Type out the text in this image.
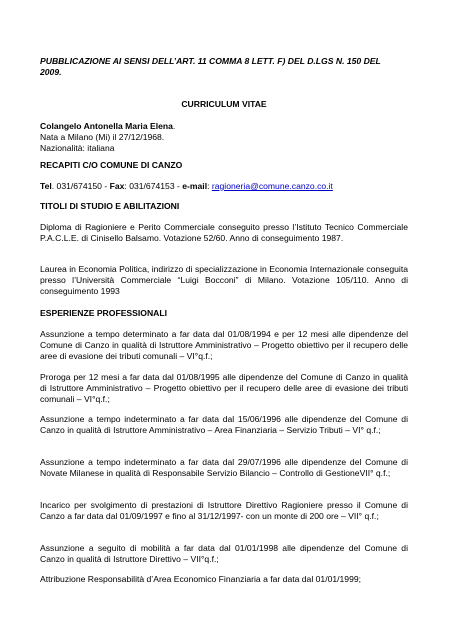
PUBBLICAZIONE AI SENSI DELL’ART. 11 COMMA 8 LETT. F) DEL D.LGS N. 150 DEL
2009.

CURRICULUM VITAE

Colangelo Antonella Maria Elena.
Nata a Milano (Mi) il 27/12/1968.
Nazionalità: italiana

RECAPITI C/O COMUNE DI CANZO

Tel. 031/674150 - Fax: 031/674153 - e-mail: ragioneria@comune.canzo.co.it

TITOLI DI STUDIO E ABILITAZIONI

Diploma di Ragioniere e Perito Commerciale conseguito presso l’Istituto Tecnico Commerciale P.A.C.L.E. di Cinisello Balsamo. Votazione 52/60. Anno di conseguimento 1987.

Laurea in Economia Politica, indirizzo di specializzazione in Economia Internazionale conseguita presso l’Università Commerciale “Luigi Bocconi” di Milano. Votazione 105/110. Anno di conseguimento 1993

ESPERIENZE PROFESSIONALI

Assunzione a tempo determinato a far data dal 01/08/1994 e per 12 mesi alle dipendenze del Comune di Canzo in qualità di Istruttore Amministrativo – Progetto obiettivo per il recupero delle aree di evasione dei tributi comunali – VI°q.f.;

Proroga per 12 mesi a far data dal 01/08/1995 alle dipendenze del Comune di Canzo in qualità di Istruttore Amministrativo – Progetto obiettivo per il recupero delle aree di evasione dei tributi comunali – VI°q.f.;

Assunzione a tempo indeterminato a far data dal 15/06/1996 alle dipendenze del Comune di Canzo in qualità di Istruttore Amministrativo – Area Finanziaria – Servizio Tributi – VI° q.f.;

Assunzione a tempo indeterminato a far data dal 29/07/1996 alle dipendenze del Comune di Novate Milanese in qualità di Responsabile Servizio Bilancio – Controllo di GestioneVII° q.f.;

Incarico per svolgimento di prestazioni di Istruttore Direttivo Ragioniere presso il Comune di Canzo a far data dal 01/09/1997 e fino al 31/12/1997- con un monte di 200 ore – VII° q.f.;

Assunzione a seguito di mobilità a far data dal 01/01/1998 alle dipendenze del Comune di Canzo in qualità di Istruttore Direttivo – VII°q.f.;

Attribuzione Responsabilità d’Area Economico Finanziaria a far data dal 01/01/1999;
